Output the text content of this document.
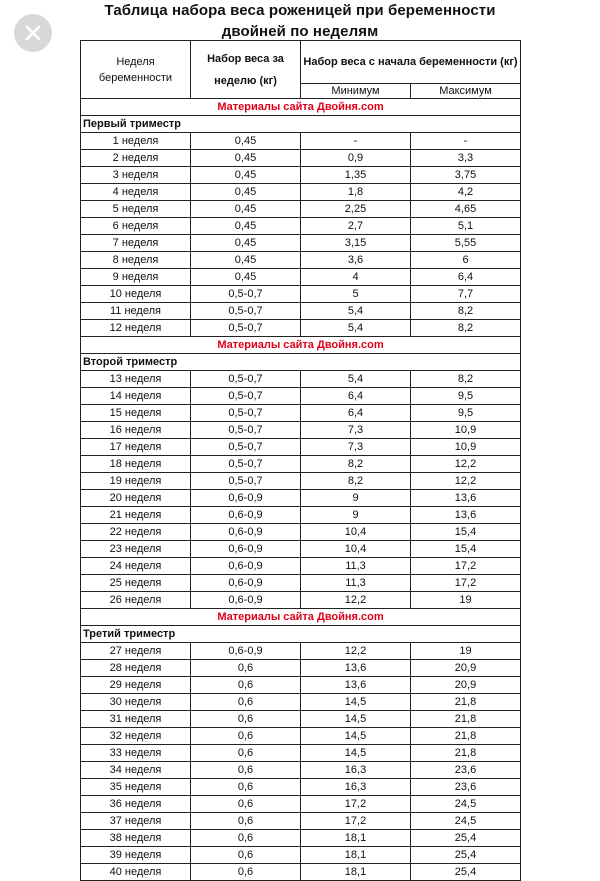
Таблица набора веса роженицей при беременности двойней по неделям
Неделя беременности	Набор веса за неделю (кг)	Набор веса с начала беременности (кг)	
		Минимум	Максимум
Материалы сайта Двойня.com			
Первый триместр			
1 неделя	0,45	-	-
2 неделя	0,45	0,9	3,3
3 неделя	0,45	1,35	3,75
4 неделя	0,45	1,8	4,2
5 неделя	0,45	2,25	4,65
6 неделя	0,45	2,7	5,1
7 неделя	0,45	3,15	5,55
8 неделя	0,45	3,6	6
9 неделя	0,45	4	6,4
10 неделя	0,5-0,7	5	7,7
11 неделя	0,5-0,7	5,4	8,2
12 неделя	0,5-0,7	5,4	8,2
Материалы сайта Двойня.com			
Второй триместр			
13 неделя	0,5-0,7	5,4	8,2
14 неделя	0,5-0,7	6,4	9,5
15 неделя	0,5-0,7	6,4	9,5
16 неделя	0,5-0,7	7,3	10,9
17 неделя	0,5-0,7	7,3	10,9
18 неделя	0,5-0,7	8,2	12,2
19 неделя	0,5-0,7	8,2	12,2
20 неделя	0,6-0,9	9	13,6
21 неделя	0,6-0,9	9	13,6
22 неделя	0,6-0,9	10,4	15,4
23 неделя	0,6-0,9	10,4	15,4
24 неделя	0,6-0,9	11,3	17,2
25 неделя	0,6-0,9	11,3	17,2
26 неделя	0,6-0,9	12,2	19
Материалы сайта Двойня.com			
Третий триместр			
27 неделя	0,6-0,9	12,2	19
28 неделя	0,6	13,6	20,9
29 неделя	0,6	13,6	20,9
30 неделя	0,6	14,5	21,8
31 неделя	0,6	14,5	21,8
32 неделя	0,6	14,5	21,8
33 неделя	0,6	14,5	21,8
34 неделя	0,6	16,3	23,6
35 неделя	0,6	16,3	23,6
36 неделя	0,6	17,2	24,5
37 неделя	0,6	17,2	24,5
38 неделя	0,6	18,1	25,4
39 неделя	0,6	18,1	25,4
40 неделя	0,6	18,1	25,4
